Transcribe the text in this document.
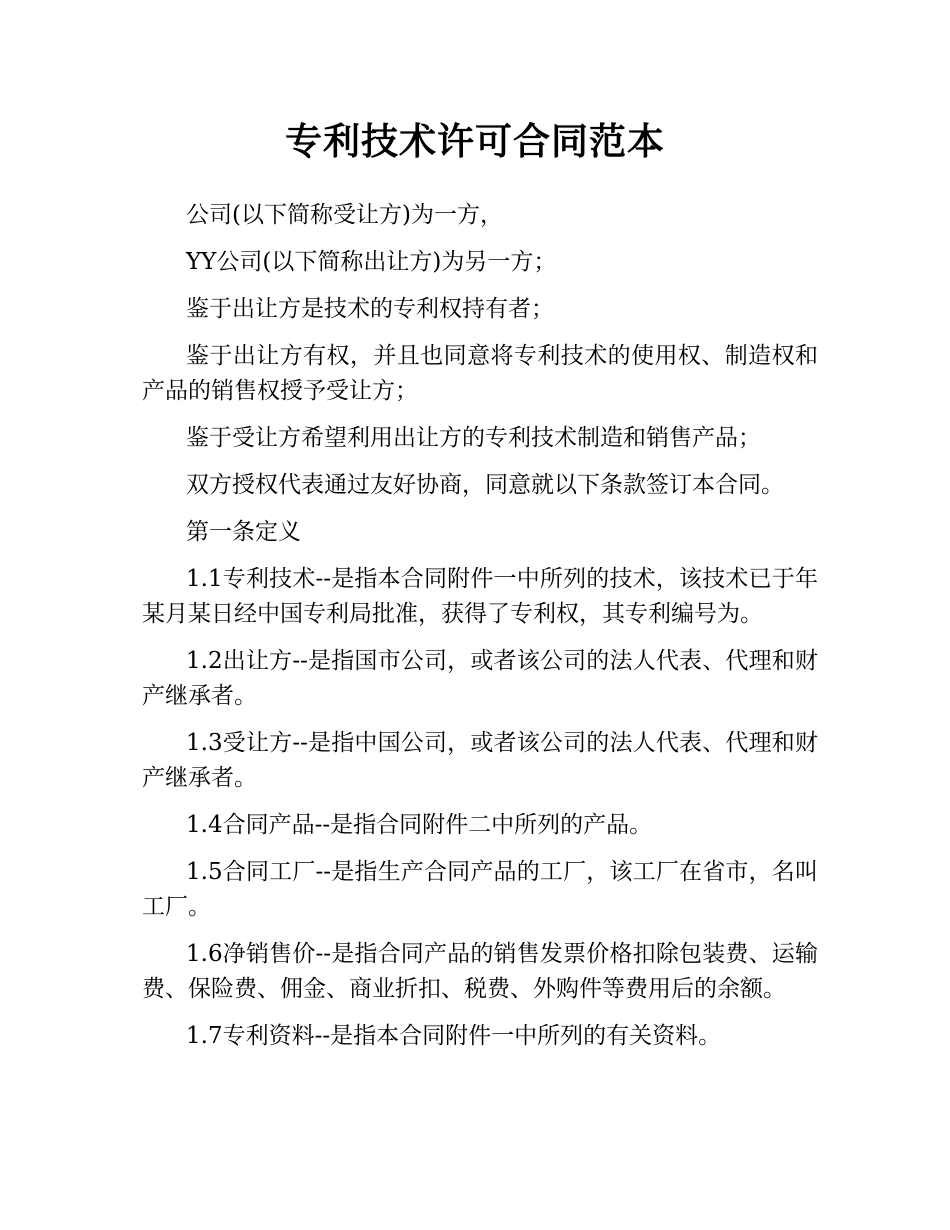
专利技术许可合同范本

公司(以下简称受让方)为一方，

YY公司(以下简称出让方)为另一方；

鉴于出让方是技术的专利权持有者；

鉴于出让方有权，并且也同意将专利技术的使用权、制造权和产品的销售权授予受让方；

鉴于受让方希望利用出让方的专利技术制造和销售产品；

双方授权代表通过友好协商，同意就以下条款签订本合同。

第一条定义

1.1专利技术--是指本合同附件一中所列的技术，该技术已于年某月某日经中国专利局批准，获得了专利权，其专利编号为。

1.2出让方--是指国市公司，或者该公司的法人代表、代理和财产继承者。

1.3受让方--是指中国公司，或者该公司的法人代表、代理和财产继承者。

1.4合同产品--是指合同附件二中所列的产品。

1.5合同工厂--是指生产合同产品的工厂，该工厂在省市，名叫工厂。

1.6净销售价--是指合同产品的销售发票价格扣除包装费、运输费、保险费、佣金、商业折扣、税费、外购件等费用后的余额。

1.7专利资料--是指本合同附件一中所列的有关资料。
